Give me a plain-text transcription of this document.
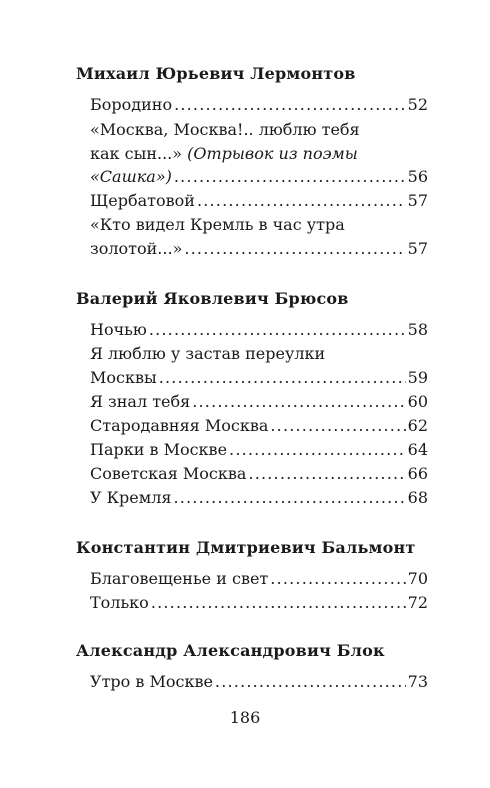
Михаил Юрьевич Лермонтов
Бородино .....	52
«Москва, Москва!.. люблю тебя
как сын...» (Отрывок из поэмы
«Сашка») .....	56
Щербатовой .....	57
«Кто видел Кремль в час утра
золотой...» .....	57
Валерий Яковлевич Брюсов
Ночью .....	58
Я люблю у застав переулки
Москвы .....	59
Я знал тебя .....	60
Стародавняя Москва .....	62
Парки в Москве .....	64
Советская Москва .....	66
У Кремля .....	68
Константин Дмитриевич Бальмонт
Благовещенье и свет .....	70
Только .....	72
Александр Александрович Блок
Утро в Москве .....	73
186
